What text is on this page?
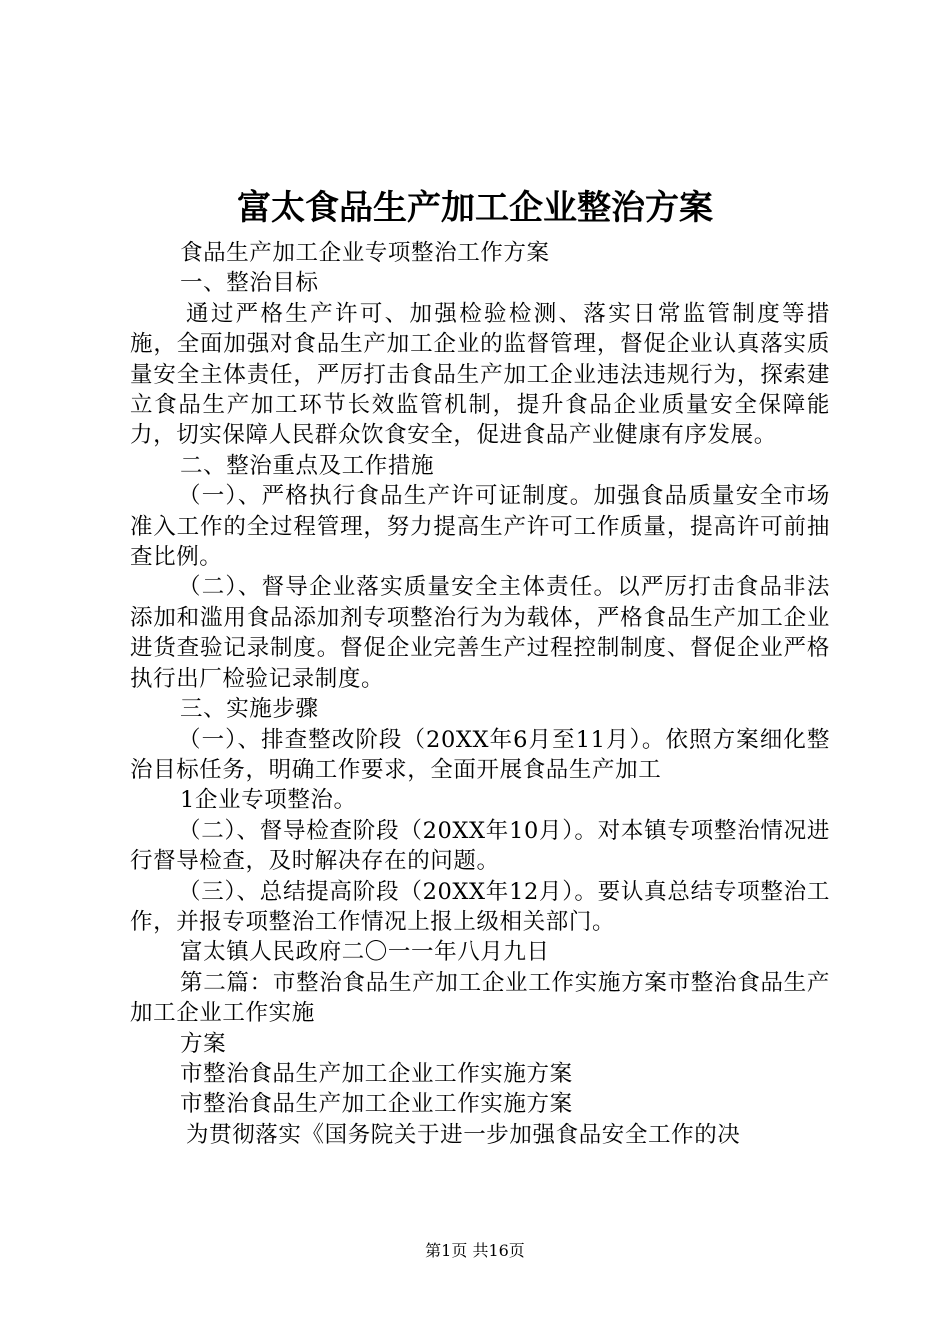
富太食品生产加工企业整治方案

食品生产加工企业专项整治工作方案

一、整治目标

通过严格生产许可、加强检验检测、落实日常监管制度等措施，全面加强对食品生产加工企业的监督管理，督促企业认真落实质量安全主体责任，严厉打击食品生产加工企业违法违规行为，探索建立食品生产加工环节长效监管机制，提升食品企业质量安全保障能力，切实保障人民群众饮食安全，促进食品产业健康有序发展。

二、整治重点及工作措施

（一）、严格执行食品生产许可证制度。加强食品质量安全市场准入工作的全过程管理，努力提高生产许可工作质量，提高许可前抽查比例。

（二）、督导企业落实质量安全主体责任。以严厉打击食品非法添加和滥用食品添加剂专项整治行为为载体，严格食品生产加工企业进货查验记录制度。督促企业完善生产过程控制制度、督促企业严格执行出厂检验记录制度。

三、实施步骤

（一）、排查整改阶段（20XX年6月至11月）。依照方案细化整治目标任务，明确工作要求，全面开展食品生产加工

1企业专项整治。

（二）、督导检查阶段（20XX年10月）。对本镇专项整治情况进行督导检查，及时解决存在的问题。

（三）、总结提高阶段（20XX年12月）。要认真总结专项整治工作，并报专项整治工作情况上报上级相关部门。

富太镇人民政府二〇一一年八月九日

第二篇：市整治食品生产加工企业工作实施方案市整治食品生产加工企业工作实施

方案

市整治食品生产加工企业工作实施方案

市整治食品生产加工企业工作实施方案

为贯彻落实《国务院关于进一步加强食品安全工作的决

第1页 共16页
